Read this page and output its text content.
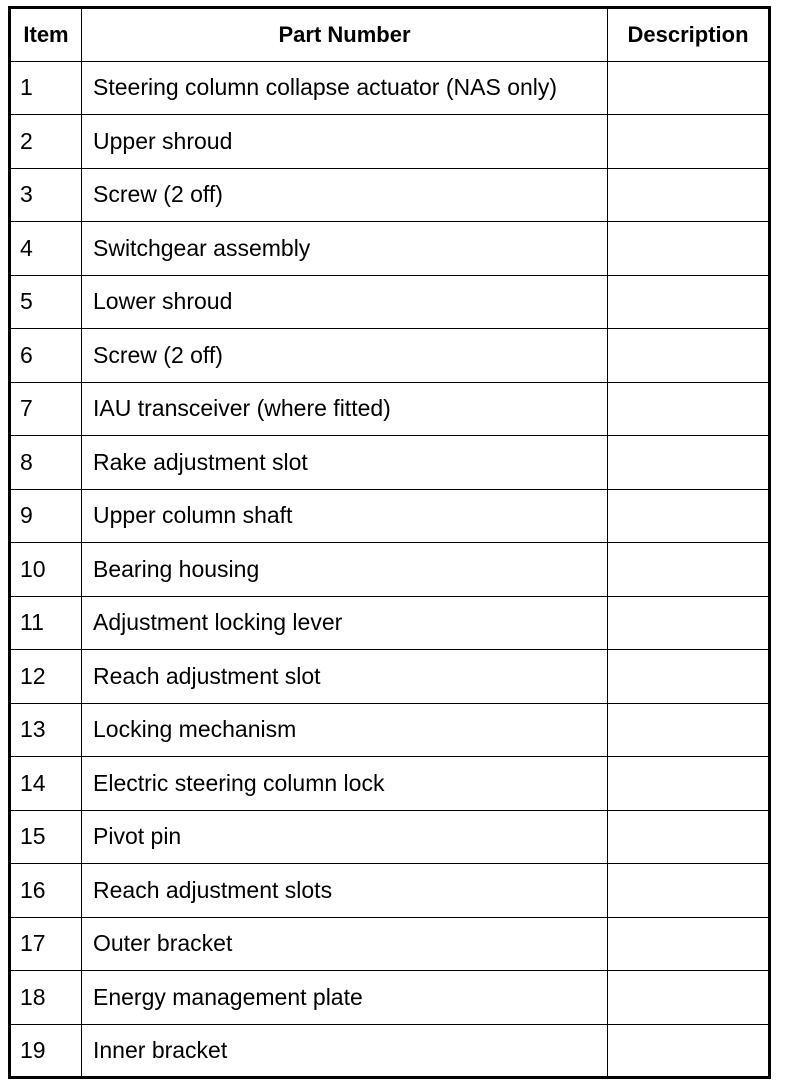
Item	Part Number	Description
1	Steering column collapse actuator (NAS only)	
2	Upper shroud	
3	Screw (2 off)	
4	Switchgear assembly	
5	Lower shroud	
6	Screw (2 off)	
7	IAU transceiver (where fitted)	
8	Rake adjustment slot	
9	Upper column shaft	
10	Bearing housing	
11	Adjustment locking lever	
12	Reach adjustment slot	
13	Locking mechanism	
14	Electric steering column lock	
15	Pivot pin	
16	Reach adjustment slots	
17	Outer bracket	
18	Energy management plate	
19	Inner bracket	
